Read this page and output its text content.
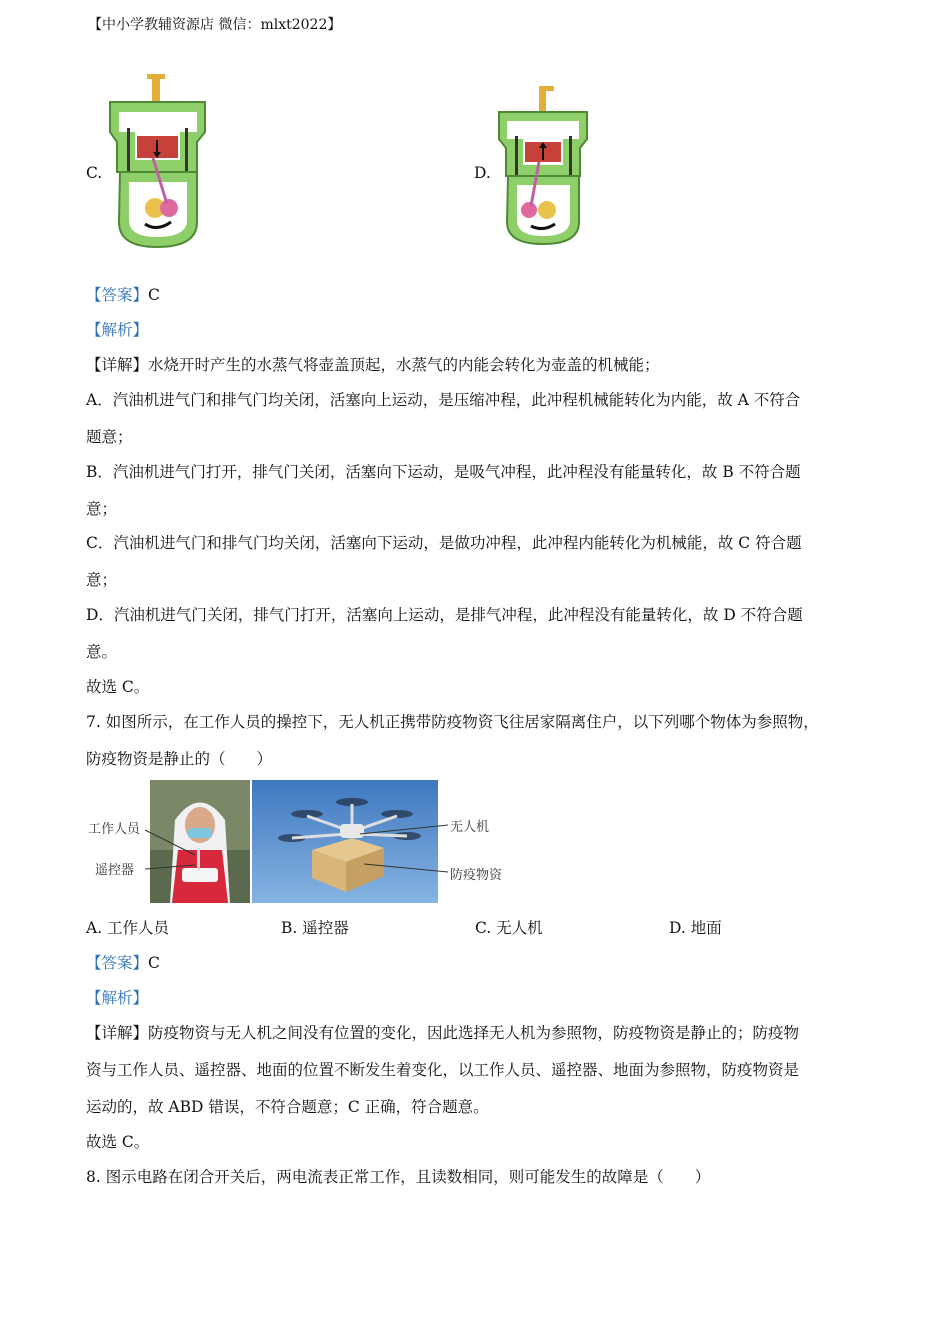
【中小学教辅资源店 微信：mlxt2022】
C.	D.
【答案】C
【解析】
【详解】水烧开时产生的水蒸气将壶盖顶起，水蒸气的内能会转化为壶盖的机械能；
A．汽油机进气门和排气门均关闭，活塞向上运动，是压缩冲程，此冲程机械能转化为内能，故 A 不符合
题意；
B．汽油机进气门打开，排气门关闭，活塞向下运动，是吸气冲程，此冲程没有能量转化，故 B 不符合题
意；
C．汽油机进气门和排气门均关闭，活塞向下运动，是做功冲程，此冲程内能转化为机械能，故 C 符合题
意；
D．汽油机进气门关闭，排气门打开，活塞向上运动，是排气冲程，此冲程没有能量转化，故 D 不符合题
意。
故选 C。
7. 如图所示，在工作人员的操控下，无人机正携带防疫物资飞往居家隔离住户，以下列哪个物体为参照物，
防疫物资是静止的（　　）
工作人员
遥控器
无人机
防疫物资
A. 工作人员	B. 遥控器	C. 无人机	D. 地面
【答案】C
【解析】
【详解】防疫物资与无人机之间没有位置的变化，因此选择无人机为参照物，防疫物资是静止的；防疫物
资与工作人员、遥控器、地面的位置不断发生着变化，以工作人员、遥控器、地面为参照物，防疫物资是
运动的，故 ABD 错误，不符合题意；C 正确，符合题意。
故选 C。
8. 图示电路在闭合开关后，两电流表正常工作，且读数相同，则可能发生的故障是（　　）
